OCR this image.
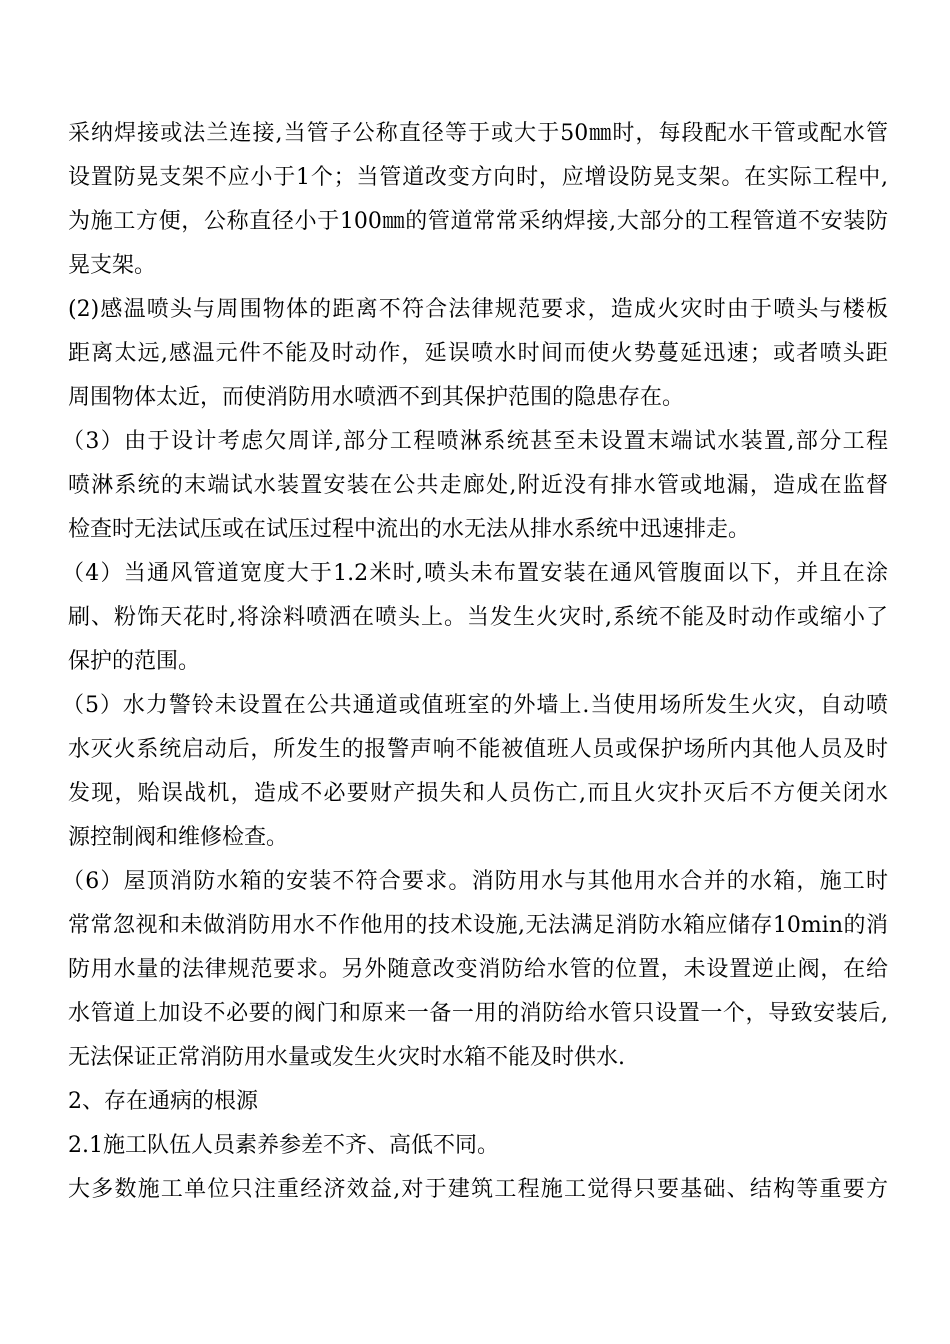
采纳焊接或法兰连接,当管子公称直径等于或大于50㎜时，每段配水干管或配水管
设置防晃支架不应小于1个；当管道改变方向时，应增设防晃支架。在实际工程中,
为施工方便，公称直径小于100㎜的管道常常采纳焊接,大部分的工程管道不安装防
晃支架。
(2)感温喷头与周围物体的距离不符合法律规范要求，造成火灾时由于喷头与楼板
距离太远,感温元件不能及时动作，延误喷水时间而使火势蔓延迅速；或者喷头距
周围物体太近，而使消防用水喷洒不到其保护范围的隐患存在。
（3）由于设计考虑欠周详,部分工程喷淋系统甚至未设置末端试水装置,部分工程
喷淋系统的末端试水装置安装在公共走廊处,附近没有排水管或地漏，造成在监督
检查时无法试压或在试压过程中流出的水无法从排水系统中迅速排走。
（4）当通风管道宽度大于1.2米时,喷头未布置安装在通风管腹面以下，并且在涂
刷、粉饰天花时,将涂料喷洒在喷头上。当发生火灾时,系统不能及时动作或缩小了
保护的范围。
（5）水力警铃未设置在公共通道或值班室的外墙上.当使用场所发生火灾，自动喷
水灭火系统启动后，所发生的报警声响不能被值班人员或保护场所内其他人员及时
发现，贻误战机，造成不必要财产损失和人员伤亡,而且火灾扑灭后不方便关闭水
源控制阀和维修检查。
（6）屋顶消防水箱的安装不符合要求。消防用水与其他用水合并的水箱，施工时
常常忽视和未做消防用水不作他用的技术设施,无法满足消防水箱应储存10min的消
防用水量的法律规范要求。另外随意改变消防给水管的位置，未设置逆止阀，在给
水管道上加设不必要的阀门和原来一备一用的消防给水管只设置一个，导致安装后,
无法保证正常消防用水量或发生火灾时水箱不能及时供水.
2、存在通病的根源
2.1施工队伍人员素养参差不齐、高低不同。
大多数施工单位只注重经济效益,对于建筑工程施工觉得只要基础、结构等重要方
